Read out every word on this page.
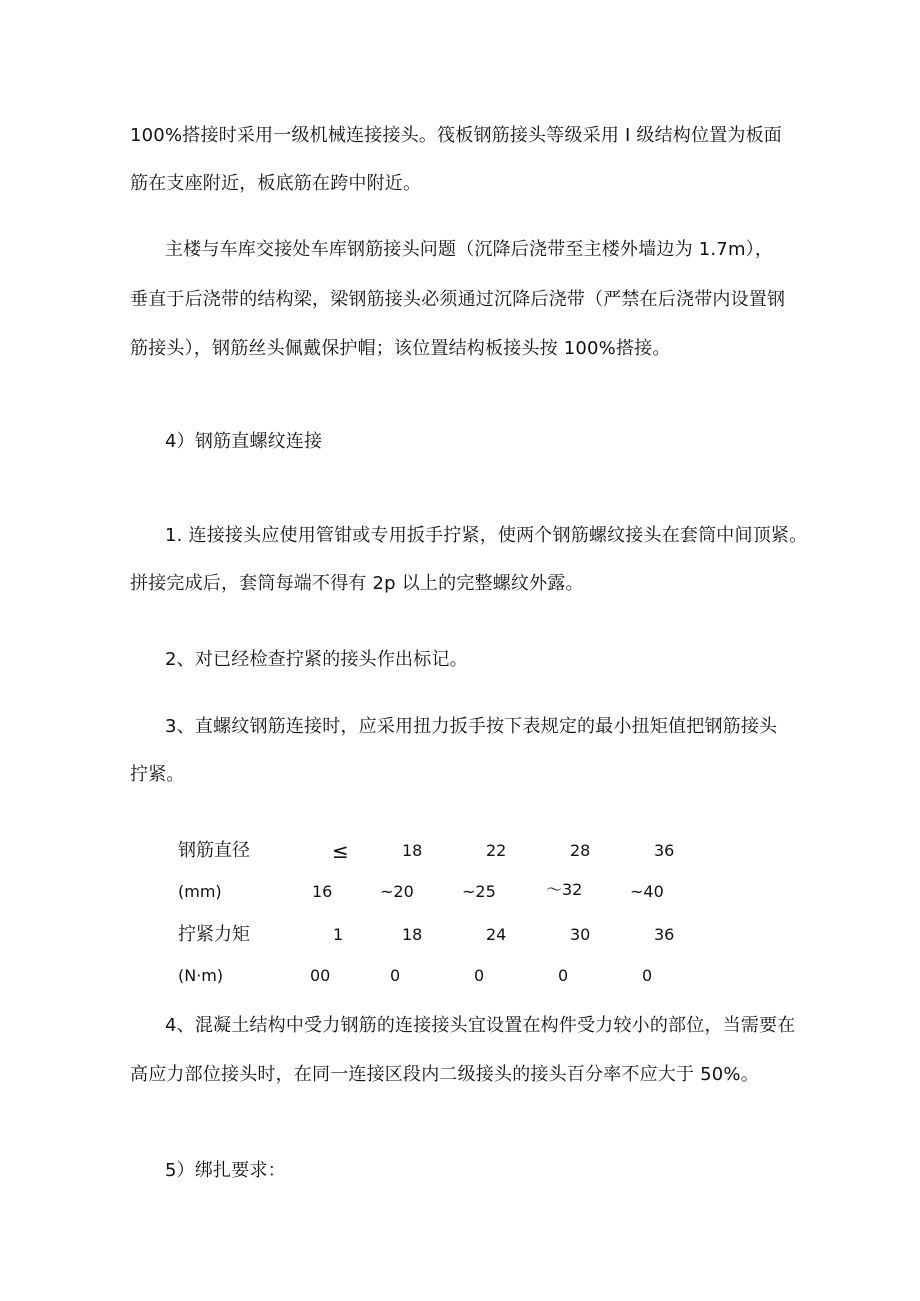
100%搭接时采用一级机械连接接头。筏板钢筋接头等级采用 I 级结构位置为板面
筋在支座附近，板底筋在跨中附近。
主楼与车库交接处车库钢筋接头问题（沉降后浇带至主楼外墙边为 1.7m），
垂直于后浇带的结构梁，梁钢筋接头必须通过沉降后浇带（严禁在后浇带内设置钢
筋接头），钢筋丝头佩戴保护帽；该位置结构板接头按 100%搭接。
4）钢筋直螺纹连接
1. 连接接头应使用管钳或专用扳手拧紧，使两个钢筋螺纹接头在套筒中间顶紧。
拼接完成后，套筒每端不得有 2p 以上的完整螺纹外露。
2、对已经检查拧紧的接头作出标记。
3、直螺纹钢筋连接时，应采用扭力扳手按下表规定的最小扭矩值把钢筋接头
拧紧。
钢筋直径	≤	18	22	28	36
(mm)	16	~20	~25	～32	~40
拧紧力矩	1	18	24	30	36
(N·m)	00	0	0	0	0
4、混凝土结构中受力钢筋的连接接头宜设置在构件受力较小的部位，当需要在
高应力部位接头时，在同一连接区段内二级接头的接头百分率不应大于 50%。
5）绑扎要求：
